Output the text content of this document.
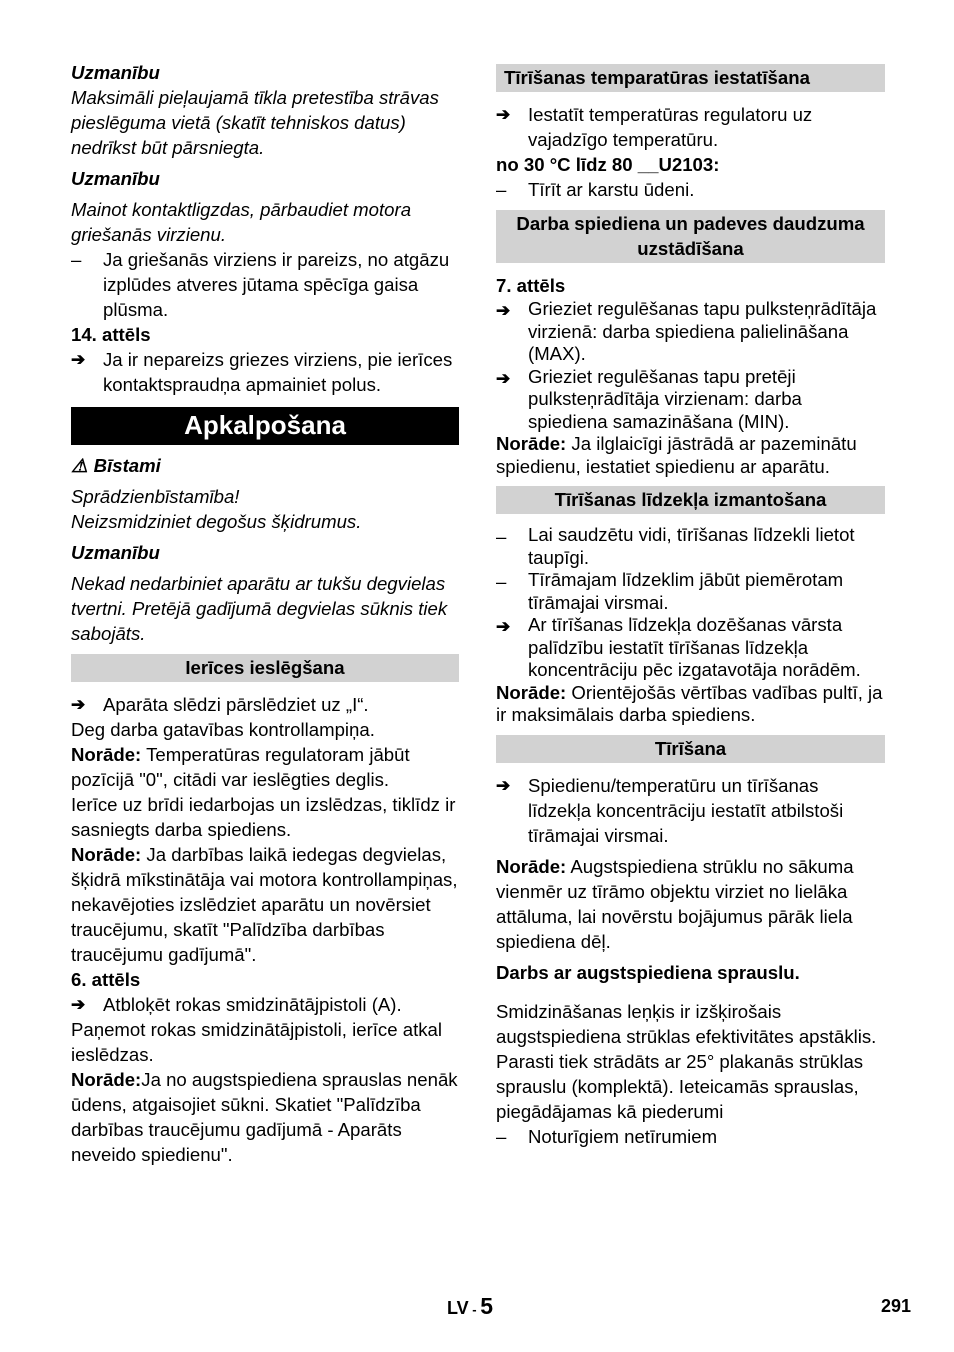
Uzmanību

Maksimāli pieļaujamā tīkla pretestība strāvas pieslēguma vietā (skatīt tehniskos datus) nedrīkst būt pārsniegta.

Uzmanību

Mainot kontaktligzdas, pārbaudiet motora griešanās virzienu.

–	Ja griešanās virziens ir pareizs, no atgāzu izplūdes atveres jūtama spēcīga gaisa plūsma.

14. attēls

➔ Ja ir nepareizs griezes virziens, pie ierīces kontaktspraudņa apmainiet polus.
Apkalpošana

⚠ Bīstami

Sprādzienbīstamība!

Neizsmidziniet degošus šķidrumus.

Uzmanību

Nekad nedarbiniet aparātu ar tukšu degvielas tvertni. Pretējā gadījumā degvielas sūknis tiek sabojāts.

Ierīces ieslēgšana
➔ Aparāta slēdzi pārslēdziet uz „I“.

Deg darba gatavības kontrollampiņa.

Norāde: Temperatūras regulatoram jābūt pozīcijā "0", citādi var ieslēgties deglis.

Ierīce uz brīdi iedarbojas un izslēdzas, tiklīdz ir sasniegts darba spiediens.

Norāde: Ja darbības laikā iedegas degvielas, šķidrā mīkstinātāja vai motora kontrollampiņas, nekavējoties izslēdziet aparātu un novērsiet traucējumu, skatīt "Palīdzība darbības traucējumu gadījumā".

6. attēls

➔ Atbloķēt rokas smidzinātājpistoli (A).

Paņemot rokas smidzinātājpistoli, ierīce atkal ieslēdzas.

Norāde:Ja no augstspiediena sprauslas nenāk ūdens, atgaisojiet sūkni. Skatiet "Palīdzība darbības traucējumu gadījumā - Aparāts neveido spiedienu".

Tīrīšanas temparatūras iestatīšana
➔ Iestatīt temperatūras regulatoru uz vajadzīgo temperatūru.

no 30 °C līdz 80 __U2103:

–	Tīrīt ar karstu ūdeni.
Darba spiediena un padeves daudzuma uzstādīšana

7. attēls

➔ Grieziet regulēšanas tapu pulksteņrādītāja virzienā: darba spiediena palielināšana (MAX).
➔ Grieziet regulēšanas tapu pretēji pulksteņrādītāja virzienam: darba spiediena samazināšana (MIN).

Norāde: Ja ilglaicīgi jāstrādā ar pazeminātu spiedienu, iestatiet spiedienu ar aparātu.

Tīrīšanas līdzekļa izmantošana
–	Lai saudzētu vidi, tīrīšanas līdzekli lietot taupīgi.
–	Tīrāmajam līdzeklim jābūt piemērotam tīrāmajai virsmai.
➔ Ar tīrīšanas līdzekļa dozēšanas vārsta palīdzību iestatīt tīrīšanas līdzekļa koncentrāciju pēc izgatavotāja norādēm.

Norāde: Orientējošās vērtības vadības pultī, ja ir maksimālais darba spiediens.

Tīrīšana
➔ Spiedienu/temperatūru un tīrīšanas līdzekļa koncentrāciju iestatīt atbilstoši tīrāmajai virsmai.

Norāde: Augstspiediena strūklu no sākuma vienmēr uz tīrāmo objektu virziet no lielāka attāluma, lai novērstu bojājumus pārāk liela spiediena dēļ.

Darbs ar augstspiediena sprauslu.

Smidzināšanas leņķis ir izšķirošais augstspiediena strūklas efektivitātes apstāklis. Parasti tiek strādāts ar 25° plakanās strūklas sprauslu (komplektā). Ieteicamās sprauslas, piegādājamas kā piederumi

–	Noturīgiem netīrumiem
LV - 5	291
